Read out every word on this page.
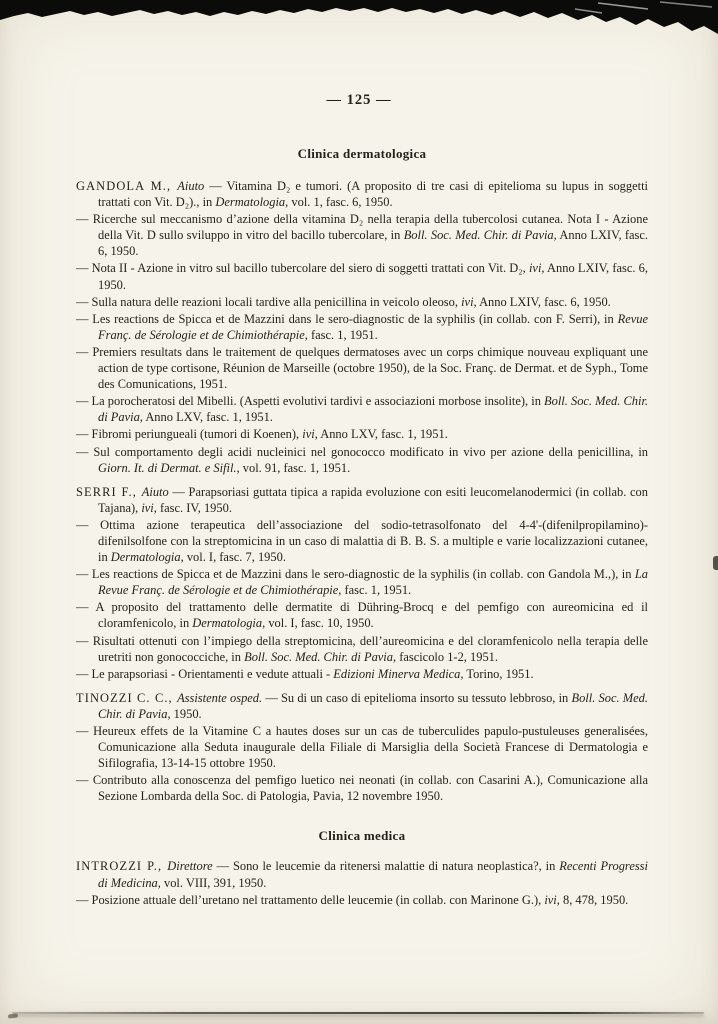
— 125 —
Clinica dermatologica

GANDOLA M., Aiuto — Vitamina D₂ e tumori. (A proposito di tre casi di epitelioma su lupus in soggetti trattati con Vit. D₂)., in Dermatologia, vol. 1, fasc. 6, 1950.

— Ricerche sul meccanismo d’azione della vitamina D₂ nella terapia della tubercolosi cutanea. Nota I - Azione della Vit. D sullo sviluppo in vitro del bacillo tubercolare, in Boll. Soc. Med. Chir. di Pavia, Anno LXIV, fasc. 6, 1950.

— Nota II - Azione in vitro sul bacillo tubercolare del siero di soggetti trattati con Vit. D₂, ivi, Anno LXIV, fasc. 6, 1950.

— Sulla natura delle reazioni locali tardive alla penicillina in veicolo oleoso, ivi, Anno LXIV, fasc. 6, 1950.

— Les reactions de Spicca et de Mazzini dans le sero-diagnostic de la syphilis (in collab. con F. Serri), in Revue Franç. de Sérologie et de Chimiothérapie, fasc. 1, 1951.

— Premiers resultats dans le traitement de quelques dermatoses avec un corps chimique nouveau expliquant une action de type cortisone, Réunion de Marseille (octobre 1950), de la Soc. Franç. de Dermat. et de Syph., Tome des Comunications, 1951.

— La porocheratosi del Mibelli. (Aspetti evolutivi tardivi e associazioni morbose insolite), in Boll. Soc. Med. Chir. di Pavia, Anno LXV, fasc. 1, 1951.

— Fibromi periungueali (tumori di Koenen), ivi, Anno LXV, fasc. 1, 1951.

— Sul comportamento degli acidi nucleinici nel gonococco modificato in vivo per azione della penicillina, in Giorn. It. di Dermat. e Sifil., vol. 91, fasc. 1, 1951.

SERRI F., Aiuto — Parapsoriasi guttata tipica a rapida evoluzione con esiti leucomelanodermici (in collab. con Tajana), ivi, fasc. IV, 1950.

— Ottima azione terapeutica dell’associazione del sodio-tetrasolfonato del 4-4'-(difenilpropilamino)-difenilsolfone con la streptomicina in un caso di malattia di B. B. S. a multiple e varie localizzazioni cutanee, in Dermatologia, vol. I, fasc. 7, 1950.

— Les reactions de Spicca et de Mazzini dans le sero-diagnostic de la syphilis (in collab. con Gandola M.,), in La Revue Franç. de Sérologie et de Chimiothérapie, fasc. 1, 1951.

— A proposito del trattamento delle dermatite di Dühring-Brocq e del pemfigo con aureomicina ed il cloramfenicolo, in Dermatologia, vol. I, fasc. 10, 1950.

— Risultati ottenuti con l’impiego della streptomicina, dell’aureomicina e del cloramfenicolo nella terapia delle uretriti non gonococciche, in Boll. Soc. Med. Chir. di Pavia, fascicolo 1-2, 1951.

— Le parapsoriasi - Orientamenti e vedute attuali - Edizioni Minerva Medica, Torino, 1951.

TINOZZI C. C., Assistente osped. — Su di un caso di epitelioma insorto su tessuto lebbroso, in Boll. Soc. Med. Chir. di Pavia, 1950.

— Heureux effets de la Vitamine C a hautes doses sur un cas de tuberculides papulo-pustuleuses generalisées, Comunicazione alla Seduta inaugurale della Filiale di Marsiglia della Società Francese di Dermatologia e Sifilografia, 13-14-15 ottobre 1950.

— Contributo alla conoscenza del pemfigo luetico nei neonati (in collab. con Casarini A.), Comunicazione alla Sezione Lombarda della Soc. di Patologia, Pavia, 12 novembre 1950.

Clinica medica

INTROZZI P., Direttore — Sono le leucemie da ritenersi malattie di natura neoplastica?, in Recenti Progressi di Medicina, vol. VIII, 391, 1950.

— Posizione attuale dell’uretano nel trattamento delle leucemie (in collab. con Marinone G.), ivi, 8, 478, 1950.
